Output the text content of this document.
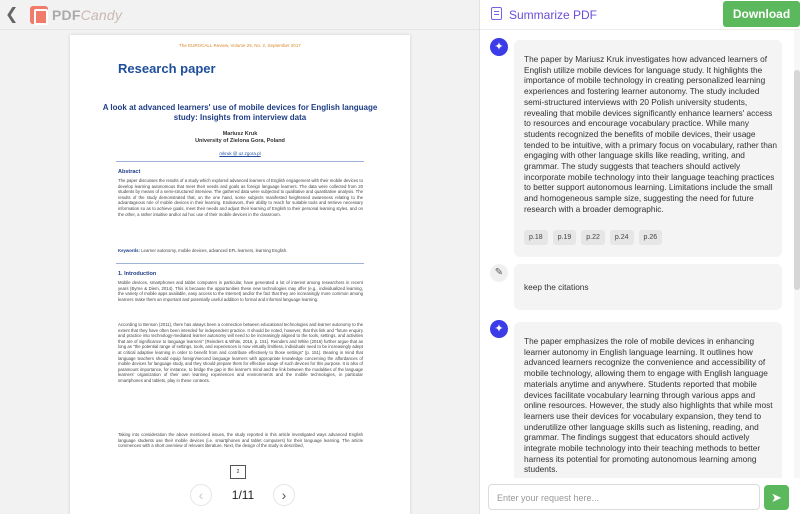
❮ PDFCandy
The EUROCALL Review, Volume 25, No. 2, September 2017
Research paper
A look at advanced learners' use of mobile devices for English language study: Insights from interview data
Mariusz Kruk
University of Zielona Gora, Poland
mkruk @ uz.zgora.pl
Abstract
The paper discusses the results of a study which explored advanced learners of English engagement with their mobile devices to develop learning autonomous that meet their needs and goals as foreign language learners. The data were collected from 20 students by means of a semi-structured interview. The gathered data were subjected to qualitative and quantitative analysis. The results of the study demonstrated that, on the one hand, some subjects manifested heightened awareness relating to the advantageous role of mobile devices in their learning. Endeavors, their ability to reach for suitable tools and retrieve necessary information so as to achieve goals, meet their needs and adjust their learning of English to their personal learning styles, and on the other, a rather intuitive and/or ad hoc use of their mobile devices in the classroom.
Keywords: Learner autonomy, mobile devices, advanced EFL learners, learning English.
1. Introduction
Mobile devices, smartphones and tablet computers in particular, have generated a lot of interest among researchers in recent years (Byrne & Diem, 2014). This is because the opportunities these new technologies may offer (e.g., individualized learning, the variety of mobile apps available, easy access to the Internet) and/or the fact that they are increasingly more common among learners make them an important and potentially useful addition to formal and informal language learning.
According to Benson (2011), there has always been a connection between educational technologies and learner autonomy to the extent that they have often been intended for independent practice. It should be noted, however, that this link and "future enquiry and practice into technology-mediated learner autonomy will need to be increasingly aligned to the tools, settings, and activities that are of significance to language learners" (Reinders & White, 2016, p. 151). Reinders and White (2016) further argue that as long as "the potential range of settings, tools, and experiences is now virtually limitless, individuals need to be increasingly adept at critical adaptive learning in order to benefit from and contribute effectively to those settings" (p. 151). Bearing in mind that language teachers should equip foreign/second language learners with appropriate knowledge concerning the affordances of mobile devices for language study, and they should prepare them for effective usage of such devices for this purpose. It is also of paramount importance, for instance, to bridge the gap in the learner's mind and the link between the modalities of the language learners' organization of their own learning experiences and environments and the mobile technologies, in particular smartphones and tablets, play in these contexts.
Taking into consideration the above mentioned issues, the study reported in this article investigated ways advanced English language students use their mobile devices (i.e. smartphones and tablet computers) for their language learning. The article commences with a short overview of relevant literature. Next, the design of the study is described,
2
‹	1/11	›
Summarize PDF	Download
✦
The paper by Mariusz Kruk investigates how advanced learners of English utilize mobile devices for language study. It highlights the importance of mobile technology in creating personalized learning experiences and fostering learner autonomy. The study included semi-structured interviews with 20 Polish university students, revealing that mobile devices significantly enhance learners' access to resources and encourage vocabulary practice. While many students recognized the benefits of mobile devices, their usage tended to be intuitive, with a primary focus on vocabulary, rather than engaging with other language skills like reading, writing, and grammar. The study suggests that teachers should actively incorporate mobile technology into their language teaching practices to better support autonomous learning. Limitations include the small and homogeneous sample size, suggesting the need for future research with a broader demographic.
p.18	p.19	p.22	p.24	p.26
✎
keep the citations
✦
The paper emphasizes the role of mobile devices in enhancing learner autonomy in English language learning. It outlines how advanced learners recognize the convenience and accessibility of mobile technology, allowing them to engage with English language materials anytime and anywhere. Students reported that mobile devices facilitate vocabulary learning through various apps and online resources. However, the study also highlights that while most learners use their devices for vocabulary expansion, they tend to underutilize other language skills such as listening, reading, and grammar. The findings suggest that educators should actively integrate mobile technology into their teaching methods to better harness its potential for promoting autonomous learning among students.
Enter your request here...
➤
